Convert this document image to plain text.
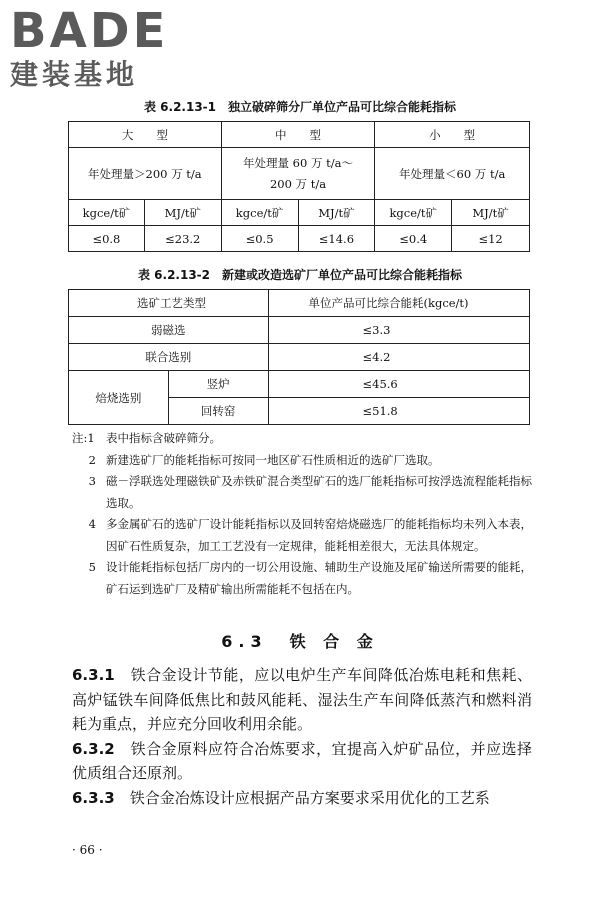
BADE
建装基地
表 6.2.13-1　独立破碎筛分厂单位产品可比综合能耗指标
大　　型		中　　型		小　　型	
年处理量＞200 万 t/a		年处理量 60 万 t/a～200 万 t/a		年处理量＜60 万 t/a	
kgce/t矿	MJ/t矿	kgce/t矿	MJ/t矿	kgce/t矿	MJ/t矿
≤0.8	≤23.2	≤0.5	≤14.6	≤0.4	≤12
表 6.2.13-2　新建或改造选矿厂单位产品可比综合能耗指标
选矿工艺类型		单位产品可比综合能耗(kgce/t)
弱磁选		≤3.3
联合选别		≤4.2
焙烧选别	竖炉	≤45.6
	回转窑	≤51.8
注:1 表中指标含破碎筛分。
2 新建选矿厂的能耗指标可按同一地区矿石性质相近的选矿厂选取。
3 磁－浮联选处理磁铁矿及赤铁矿混合类型矿石的选厂能耗指标可按浮选流程能耗指标选取。
4 多金属矿石的选矿厂设计能耗指标以及回转窑焙烧磁选厂的能耗指标均未列入本表，因矿石性质复杂，加工工艺没有一定规律，能耗相差很大，无法具体规定。
5 设计能耗指标包括厂房内的一切公用设施、辅助生产设施及尾矿输送所需要的能耗，矿石运到选矿厂及精矿输出所需能耗不包括在内。
6.3　铁 合 金
6.3.1　 铁合金设计节能，应以电炉生产车间降低冶炼电耗和焦耗、高炉锰铁车间降低焦比和鼓风能耗、湿法生产车间降低蒸汽和燃料消耗为重点，并应充分回收利用余能。
6.3.2　 铁合金原料应符合冶炼要求，宜提高入炉矿品位，并应选择优质组合还原剂。
6.3.3　 铁合金冶炼设计应根据产品方案要求采用优化的工艺系
· 66 ·
